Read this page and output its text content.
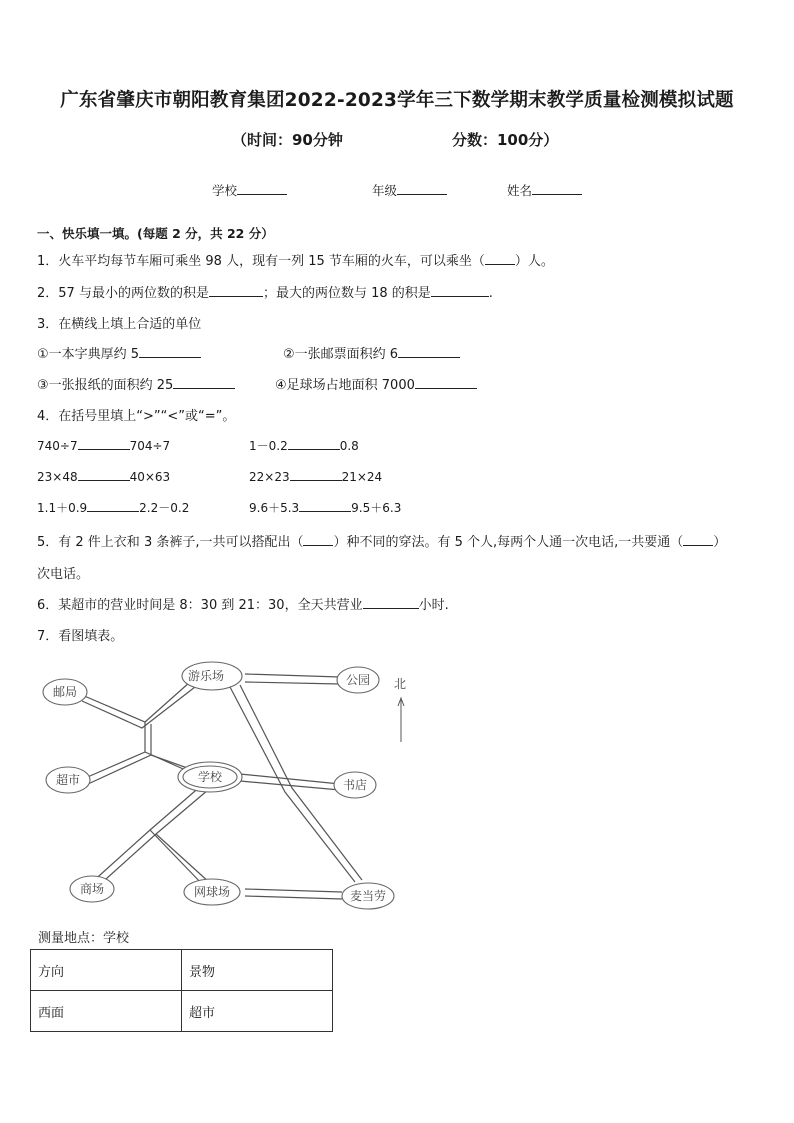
广东省肇庆市朝阳教育集团2022-2023学年三下数学期末教学质量检测模拟试题
（时间：90分钟	分数：100分）
学校	年级	姓名
一、快乐填一填。(每题 2 分，共 22 分）
1．火车平均每节车厢可乘坐 98 人，现有一列 15 节车厢的火车，可以乘坐（ ）人。
2．57 与最小的两位数的积是	；最大的两位数与 18 的积是	.
3．在横线上填上合适的单位
①一本字典厚约 5	②一张邮票面积约 6
③一张报纸的面积约 25	④足球场占地面积 7000
4．在括号里填上“>”“<”或“=”。
740÷7	704÷7	1－0.2	0.8
23×48	40×63	22×23	21×24
1.1＋0.9	2.2－0.2	9.6＋5.3	9.5＋6.3
5．有 2 件上衣和 3 条裤子,一共可以搭配出（ ）种不同的穿法。有 5 个人,每两个人通一次电话,一共要通（ ）
次电话。
6．某超市的营业时间是 8：30 到 21：30，全天共营业	小时.
7．看图填表。
邮局
游乐场	公园
超市	学校
书店
商场	网球场	麦当劳
北
测量地点：学校
方向	景物
西面	超市
